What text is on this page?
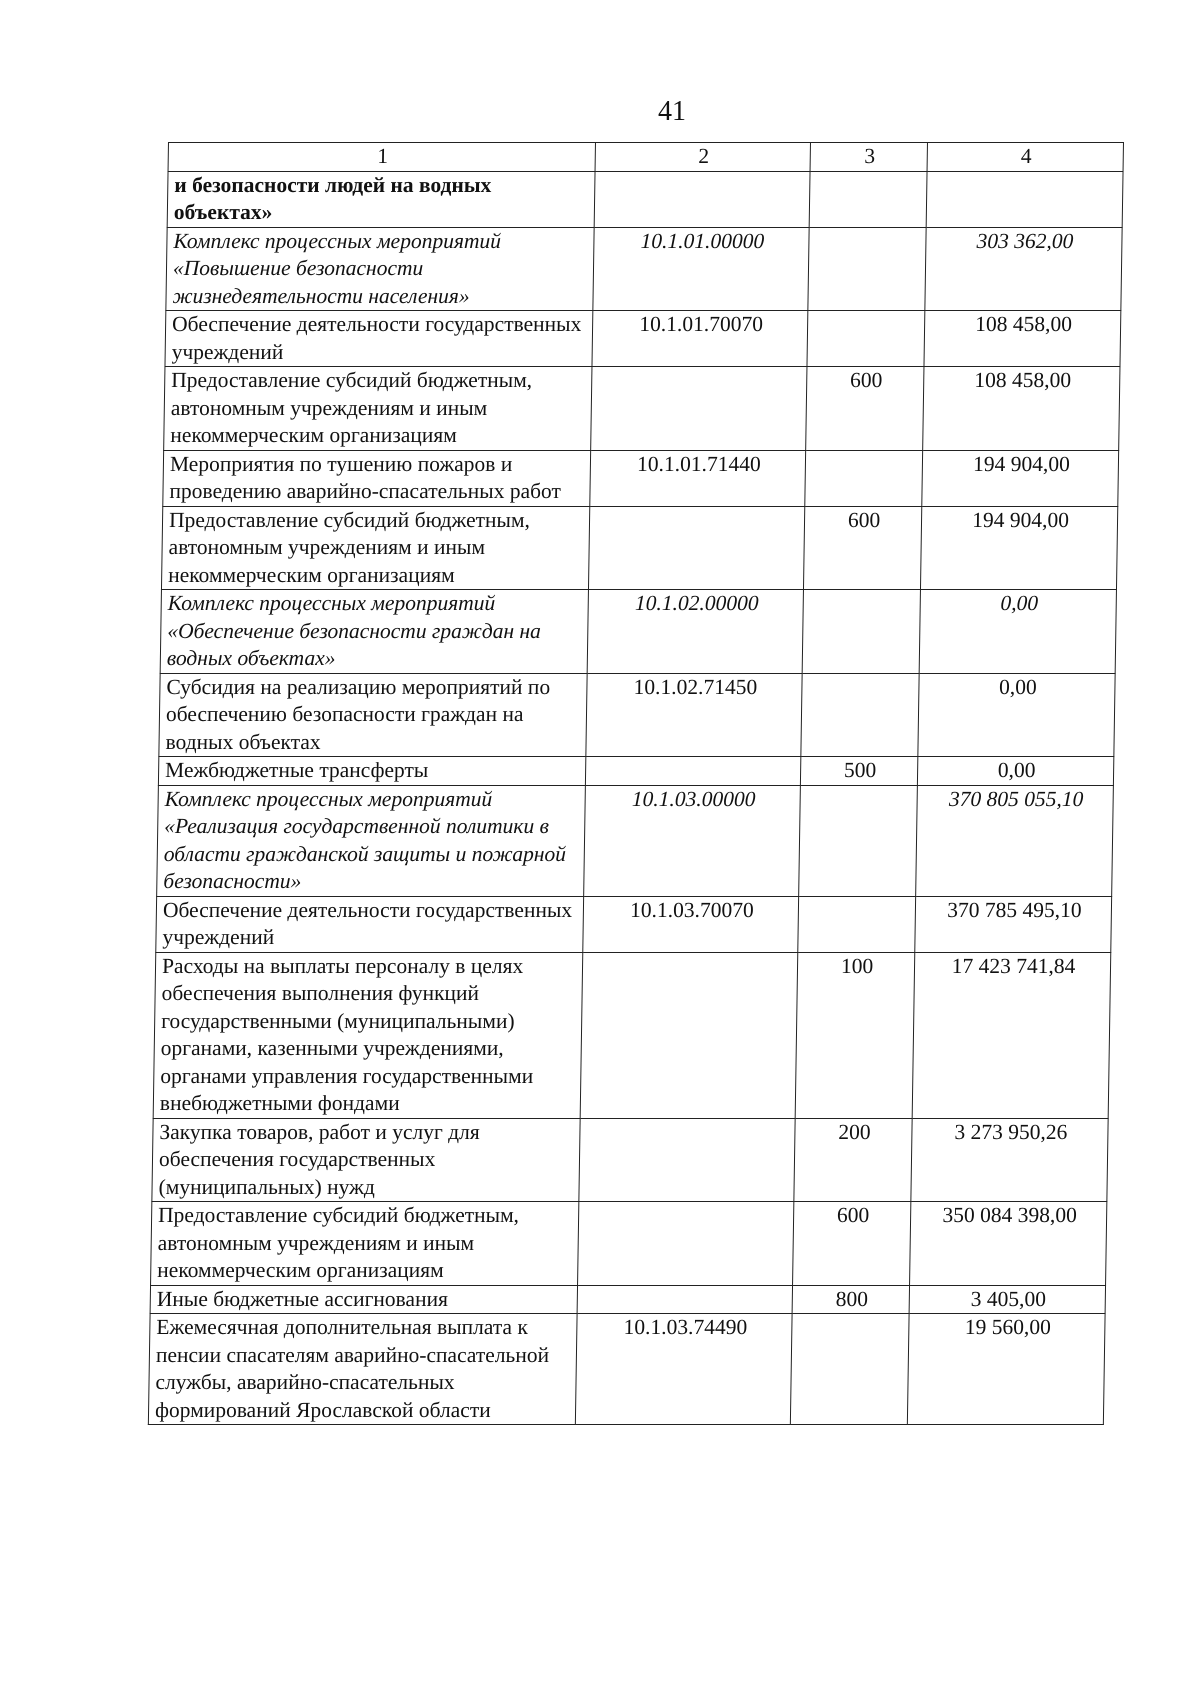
41
1	2	3	4
и безопасности людей на водных объектах»			
Комплекс процессных мероприятий «Повышение безопасности жизнедеятельности населения»	10.1.01.00000		303 362,00
Обеспечение деятельности государственных учреждений	10.1.01.70070		108 458,00
Предоставление субсидий бюджетным, автономным учреждениям и иным некоммерческим организациям		600	108 458,00
Мероприятия по тушению пожаров и проведению аварийно-спасательных работ	10.1.01.71440		194 904,00
Предоставление субсидий бюджетным, автономным учреждениям и иным некоммерческим организациям		600	194 904,00
Комплекс процессных мероприятий «Обеспечение безопасности граждан на водных объектах»	10.1.02.00000		0,00
Субсидия на реализацию мероприятий по обеспечению безопасности граждан на водных объектах	10.1.02.71450		0,00
Межбюджетные трансферты		500	0,00
Комплекс процессных мероприятий «Реализация государственной политики в области гражданской защиты и пожарной безопасности»	10.1.03.00000		370 805 055,10
Обеспечение деятельности государственных учреждений	10.1.03.70070		370 785 495,10
Расходы на выплаты персоналу в целях обеспечения выполнения функций государственными (муниципальными) органами, казенными учреждениями, органами управления государственными внебюджетными фондами		100	17 423 741,84
Закупка товаров, работ и услуг для обеспечения государственных (муниципальных) нужд		200	3 273 950,26
Предоставление субсидий бюджетным, автономным учреждениям и иным некоммерческим организациям		600	350 084 398,00
Иные бюджетные ассигнования		800	3 405,00
Ежемесячная дополнительная выплата к пенсии спасателям аварийно-спасательной службы, аварийно-спасательных формирований Ярославской области	10.1.03.74490		19 560,00
